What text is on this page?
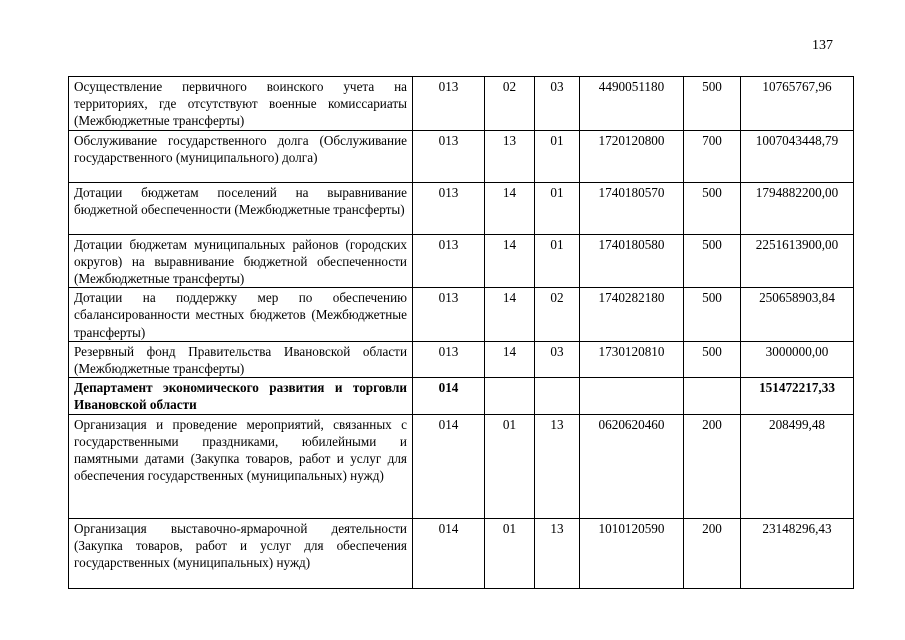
137
Осуществление первичного воинского учета на территориях, где отсутствуют военные комиссариаты (Межбюджетные трансферты)	013	02	03	4490051180	500	10765767,96
Обслуживание государственного долга (Обслуживание государственного (муниципального) долга)	013	13	01	1720120800	700	1007043448,79
Дотации бюджетам поселений на выравнивание бюджетной обеспеченности (Межбюджетные трансферты)	013	14	01	1740180570	500	1794882200,00
Дотации бюджетам муниципальных районов (городских округов) на выравнивание бюджетной обеспеченности (Межбюджетные трансферты)	013	14	01	1740180580	500	2251613900,00
Дотации на поддержку мер по обеспечению сбалансированности местных бюджетов (Межбюджетные трансферты)	013	14	02	1740282180	500	250658903,84
Резервный фонд Правительства Ивановской области (Межбюджетные трансферты)	013	14	03	1730120810	500	3000000,00
Департамент экономического развития и торговли Ивановской области	014					151472217,33
Организация и проведение мероприятий, связанных с государственными праздниками, юбилейными и памятными датами (Закупка товаров, работ и услуг для обеспечения государственных (муниципальных) нужд)	014	01	13	0620620460	200	208499,48
Организация выставочно-ярмарочной деятельности (Закупка товаров, работ и услуг для обеспечения государственных (муниципальных) нужд)	014	01	13	1010120590	200	23148296,43
